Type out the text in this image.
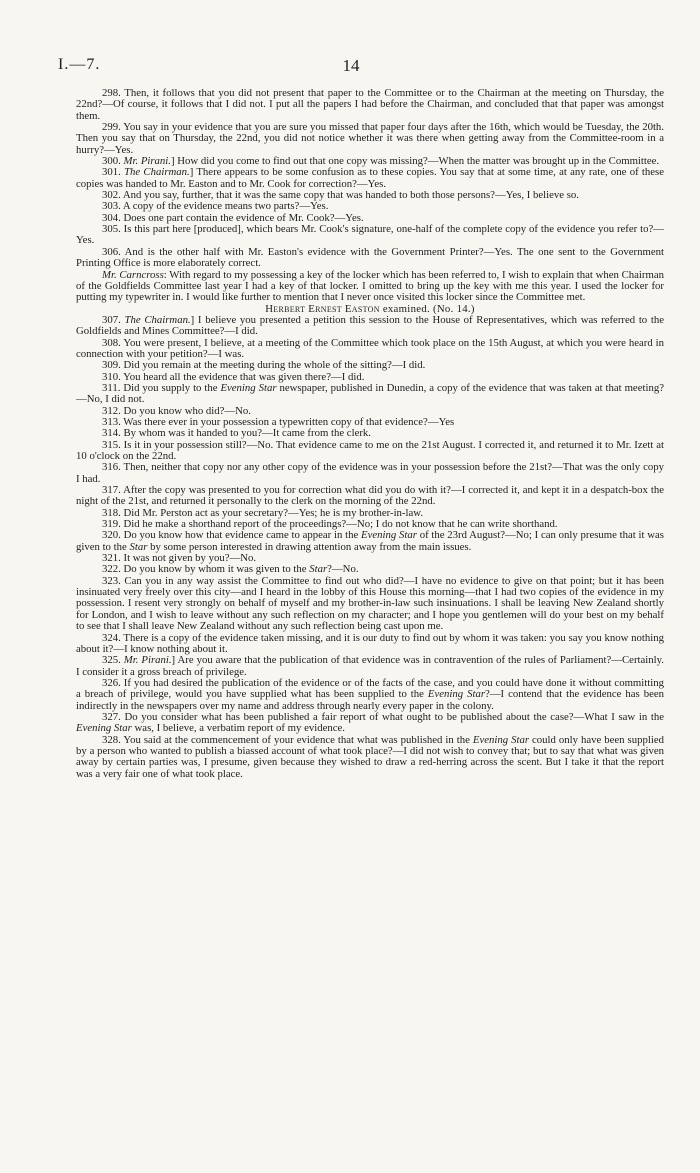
I.—7.	14

298. Then, it follows that you did not present that paper to the Committee or to the Chairman at the meeting on Thursday, the 22nd?—Of course, it follows that I did not. I put all the papers I had before the Chairman, and concluded that that paper was amongst them.

299. You say in your evidence that you are sure you missed that paper four days after the 16th, which would be Tuesday, the 20th. Then you say that on Thursday, the 22nd, you did not notice whether it was there when getting away from the Committee-room in a hurry?—Yes.

300. Mr. Pirani.] How did you come to find out that one copy was missing?—When the matter was brought up in the Committee.

301. The Chairman.] There appears to be some confusion as to these copies. You say that at some time, at any rate, one of these copies was handed to Mr. Easton and to Mr. Cook for correction?—Yes.

302. And you say, further, that it was the same copy that was handed to both those persons?—Yes, I believe so.

303. A copy of the evidence means two parts?—Yes.

304. Does one part contain the evidence of Mr. Cook?—Yes.

305. Is this part here [produced], which bears Mr. Cook's signature, one-half of the complete copy of the evidence you refer to?—Yes.

306. And is the other half with Mr. Easton's evidence with the Government Printer?—Yes. The one sent to the Government Printing Office is more elaborately correct.

Mr. Carncross: With regard to my possessing a key of the locker which has been referred to, I wish to explain that when Chairman of the Goldfields Committee last year I had a key of that locker. I omitted to bring up the key with me this year. I used the locker for putting my typewriter in. I would like further to mention that I never once visited this locker since the Committee met.

Herbert Ernest Easton examined. (No. 14.)

307. The Chairman.] I believe you presented a petition this session to the House of Representatives, which was referred to the Goldfields and Mines Committee?—I did.

308. You were present, I believe, at a meeting of the Committee which took place on the 15th August, at which you were heard in connection with your petition?—I was.

309. Did you remain at the meeting during the whole of the sitting?—I did.

310. You heard all the evidence that was given there?—I did.

311. Did you supply to the Evening Star newspaper, published in Dunedin, a copy of the evidence that was taken at that meeting?—No, I did not.

312. Do you know who did?—No.

313. Was there ever in your possession a typewritten copy of that evidence?—Yes

314. By whom was it handed to you?—It came from the clerk.

315. Is it in your possession still?—No. That evidence came to me on the 21st August. I corrected it, and returned it to Mr. Izett at 10 o'clock on the 22nd.

316. Then, neither that copy nor any other copy of the evidence was in your possession before the 21st?—That was the only copy I had.

317. After the copy was presented to you for correction what did you do with it?—I corrected it, and kept it in a despatch-box the night of the 21st, and returned it personally to the clerk on the morning of the 22nd.

318. Did Mr. Perston act as your secretary?—Yes; he is my brother-in-law.

319. Did he make a shorthand report of the proceedings?—No; I do not know that he can write shorthand.

320. Do you know how that evidence came to appear in the Evening Star of the 23rd August?—No; I can only presume that it was given to the Star by some person interested in drawing attention away from the main issues.

321. It was not given by you?—No.

322. Do you know by whom it was given to the Star?—No.

323. Can you in any way assist the Committee to find out who did?—I have no evidence to give on that point; but it has been insinuated very freely over this city—and I heard in the lobby of this House this morning—that I had two copies of the evidence in my possession. I resent very strongly on behalf of myself and my brother-in-law such insinuations. I shall be leaving New Zealand shortly for London, and I wish to leave without any such reflection on my character; and I hope you gentlemen will do your best on my behalf to see that I shall leave New Zealand without any such reflection being cast upon me.

324. There is a copy of the evidence taken missing, and it is our duty to find out by whom it was taken: you say you know nothing about it?—I know nothing about it.

325. Mr. Pirani.] Are you aware that the publication of that evidence was in contravention of the rules of Parliament?—Certainly. I consider it a gross breach of privilege.

326. If you had desired the publication of the evidence or of the facts of the case, and you could have done it without committing a breach of privilege, would you have supplied what has been supplied to the Evening Star?—I contend that the evidence has been indirectly in the newspapers over my name and address through nearly every paper in the colony.

327. Do you consider what has been published a fair report of what ought to be published about the case?—What I saw in the Evening Star was, I believe, a verbatim report of my evidence.

328. You said at the commencement of your evidence that what was published in the Evening Star could only have been supplied by a person who wanted to publish a biassed account of what took place?—I did not wish to convey that; but to say that what was given away by certain parties was, I presume, given because they wished to draw a red-herring across the scent. But I take it that the report was a very fair one of what took place.
